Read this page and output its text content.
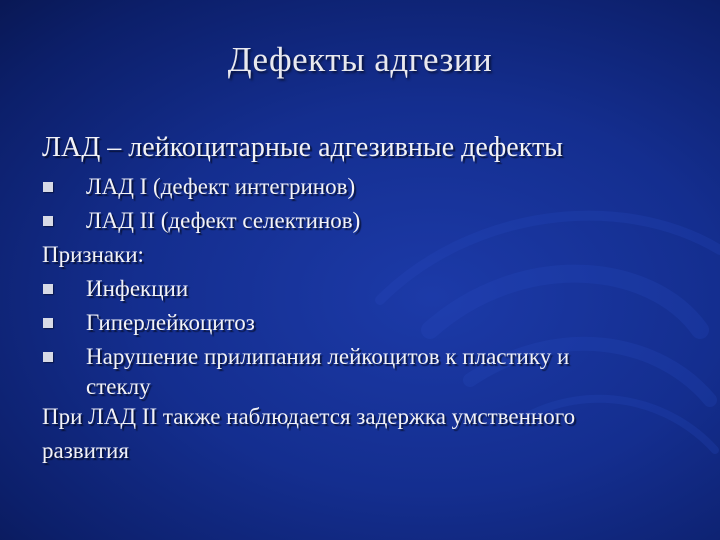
Дефекты адгезии
ЛАД – лейкоцитарные адгезивные дефекты
ЛАД I (дефект интегринов)
ЛАД II (дефект селектинов)
Признаки:
Инфекции
Гиперлейкоцитоз
Нарушение прилипания лейкоцитов к пластику и
стеклу
При ЛАД II также наблюдается задержка умственного
развития
